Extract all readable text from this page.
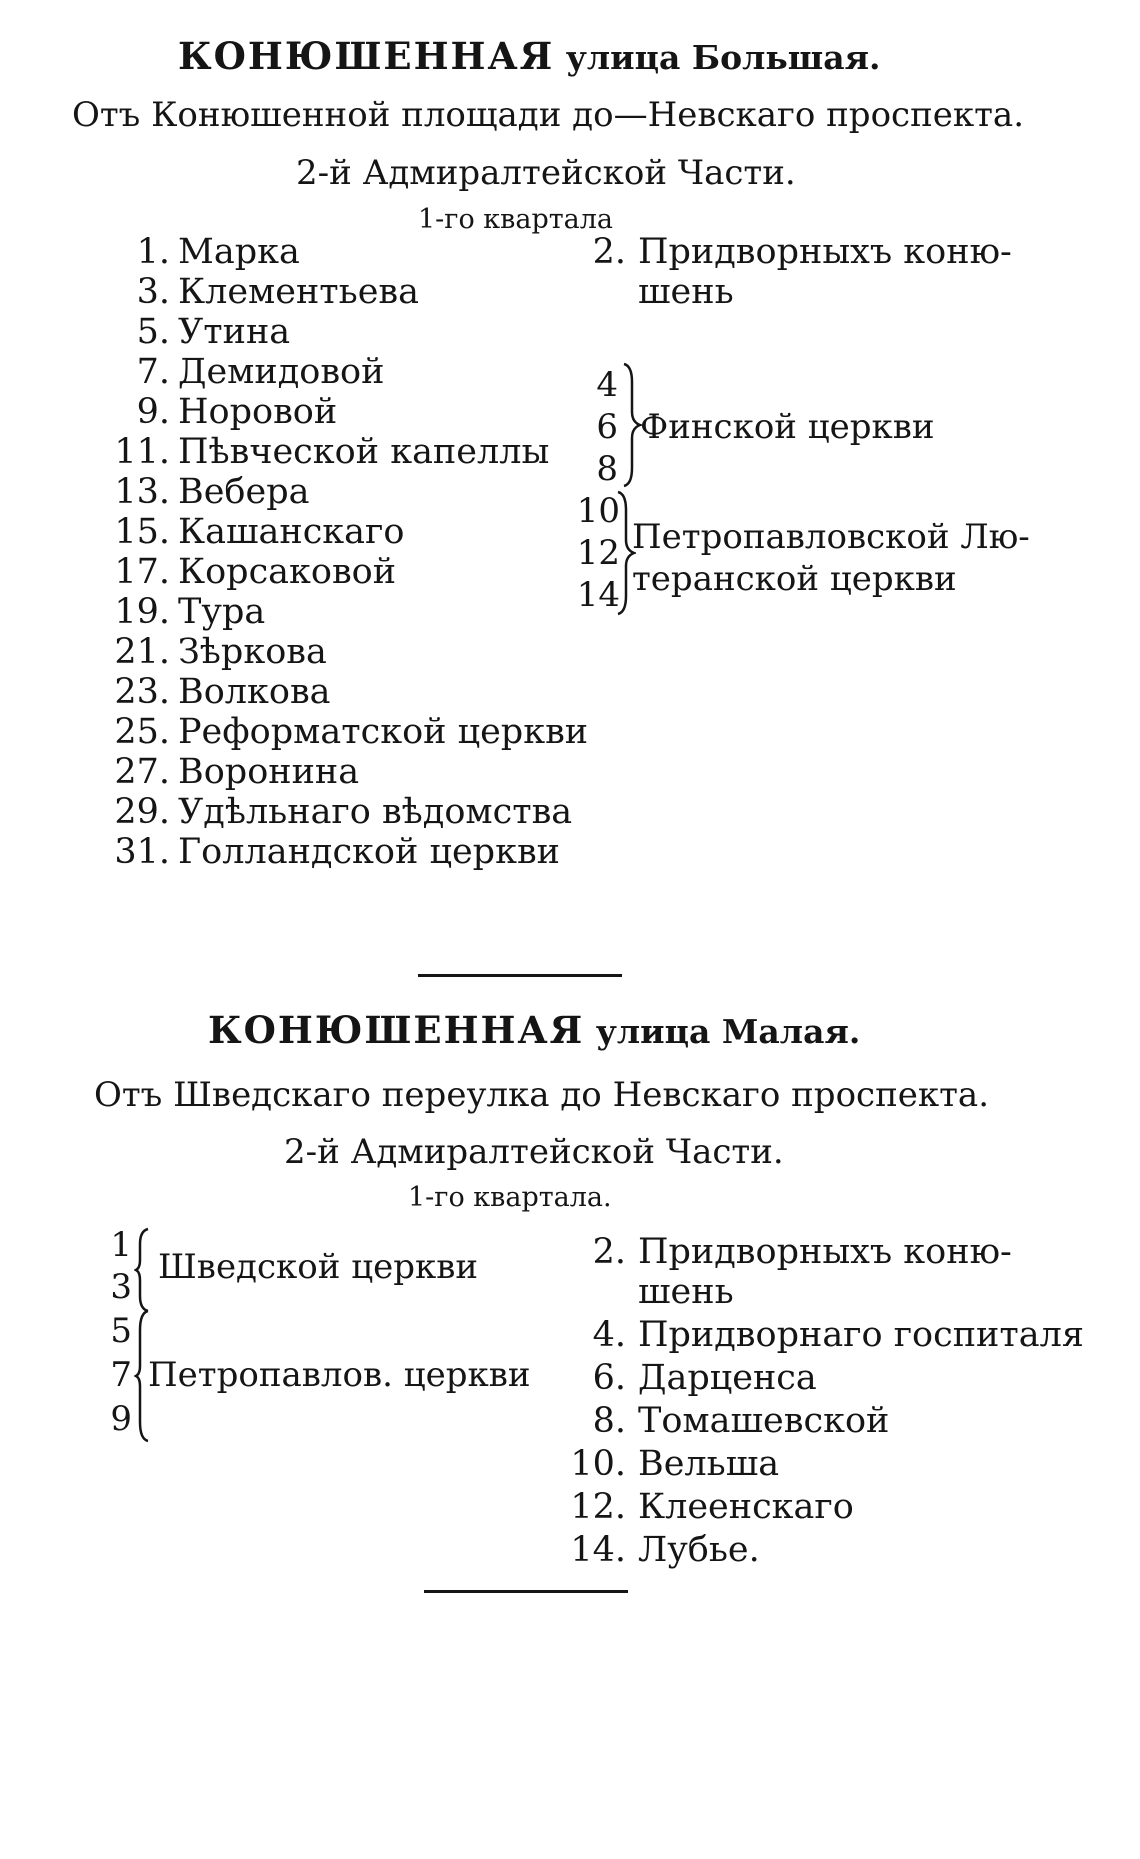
КОНЮШЕННАЯ улица Большая.
Отъ Конюшенной площади до—Невскаго проспекта.
2-й Адмиралтейской Части.
1-го квартала
1. Марка
3. Клементьева
5. Утина
7. Демидовой
9. Норовой
11. Пѣвческой капеллы
13. Вебера
15. Кашанскаго
17. Корсаковой
19. Тура
21. Зѣркова
23. Волкова
25. Реформатской церкви
27. Воронина
29. Удѣльнаго вѣдомства
31. Голландской церкви
2. Придворныхъ коню-
шень
4
6
8
Финской церкви
10
12
14
Петропавловской Лю-
теранской церкви
КОНЮШЕННАЯ улица Малая.
Отъ Шведскаго переулка до Невскаго проспекта.
2-й Адмиралтейской Части.
1-го квартала.
1
3 Шведской церкви
5
7
9
Петропавлов. церкви
2. Придворныхъ коню-
шень
4. Придворнаго госпиталя
6. Дарценса
8. Томашевской
10. Вельша
12. Клеенскаго
14. Лубье.
